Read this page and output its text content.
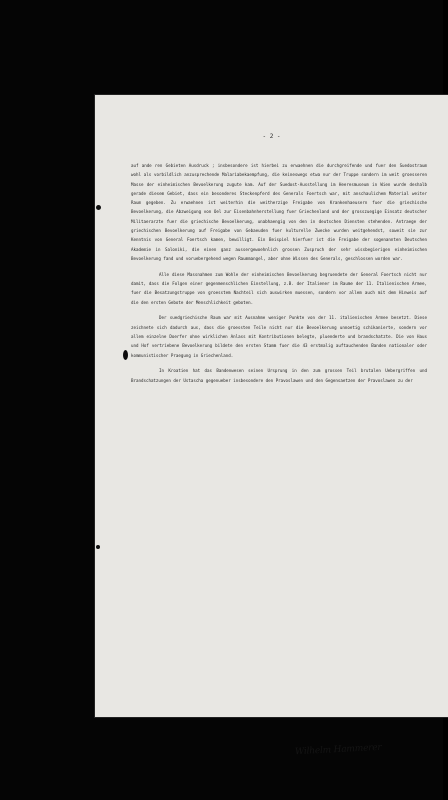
- 2 -

auf ande ren Gebieten Ausdruck ; insbesondere ist hierbei zu erwaehnen die durchgreifende und fuer den Suedostraum wohl als vorbildlich anzusprechende Malariabekaempfung, die keineswegs etwa nur der Truppe sondern im weit groesseren Masse der einheimischen Bevoelkerung zugute kam. Auf der Suedost-Ausstellung im Heeresmuseum in Wien wurde deshalb gerade diesem Gebiet, dass ein besonderes Steckenpferd des Generals Foertsch war, mit anschaulichem Material weiter Raum gegeben. Zu erwaehnen ist weiterhin die weitherzige Freigabe von Krankenhaeusern fuer die griechische Bevoelkerung, die Abzweigung von Oel zur Eisenbahnherstellung fuer Griechenland und der grosszuegige Einsatz deutscher Militaerarzte fuer die griechische Bevoelkerung, unabhaengig von den in deutschen Diensten stehenden. Antraege der griechischen Bevoelkerung auf Freigabe von Gebaeuden fuer kulturelle Zwecke wurden weitgehendst, soweit sie zur Kenntnis von General Foertsch kamen, bewilligt. Ein Beispiel hierfuer ist die Freigabe der sogenannten Deutschen Akademie in Saloniki, die einen ganz aussergewoehnlich grossen Zuspruch der sehr wissbegierigen einheimischen Bevoelkerung fand und voruebergehend wegen Raummangel, aber ohne Wissen des Generals, geschlossen worden war.

Alle diese Massnahmen zum Wohle der einheimischen Bevoelkerung begruendete der General Foertsch nicht nur damit, dass die Folgen einer gegenmenschlichen Einstellung, z.B. der Italiener im Raume der 11. Italienischen Armee, fuer die Besatzungstruppe von groesstem Nachteil sich auswirken muessen, sondern vor allem auch mit dem Hinweis auf die den ersten Gebote der Menschlichkeit geboten.

Der suedgriechische Raum war mit Ausnahme weniger Punkte von der 11. italienischen Armee besetzt. Diese zeichnete sich dadurch aus, dass die groessten Teile nicht nur die Bevoelkerung unnoetig schikanierte, sondern vor allem einzelne Doerfer ohne wirklichen Anlass mit Kontributionen belegte, pluenderte und brandschatzte. Die von Haus und Hof vertriebene Bevoelkerung bildete den ersten Stamm fuer die 43 erstmalig auftauchenden Banden nationaler oder kommunistischer Praegung in Griechenland.

In Kroatien hat das Bandenwesen seinen Ursprung in den zum grossen Teil brutalen Uebergriffen und Brandschatzungen der Ustascha gegenueber insbesondere den Pravoslawen und den Gegensaetzen der Pravoslawen zu der

Wilhelm Hammerer
